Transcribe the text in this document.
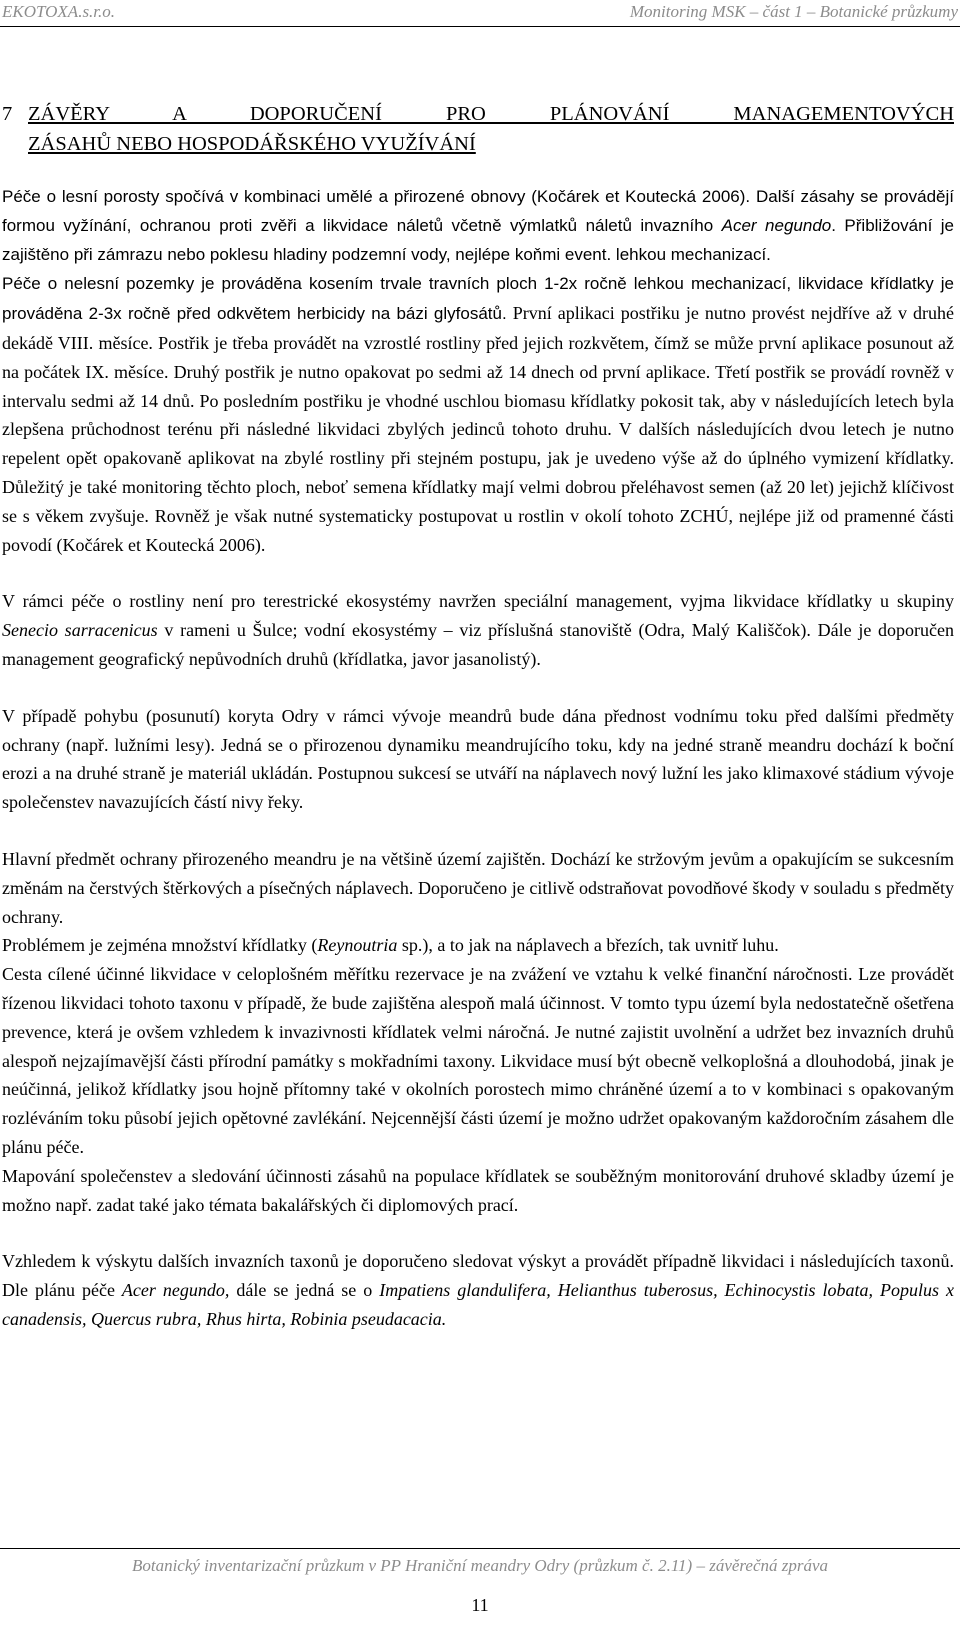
EKOTOXA.s.r.o.	Monitoring MSK – část 1 – Botanické průzkumy
7 ZÁVĚRY A DOPORUČENÍ PRO PLÁNOVÁNÍ MANAGEMENTOVÝCH
ZÁSAHŮ NEBO HOSPODÁŘSKÉHO VYUŽÍVÁNÍ

Péče o lesní porosty spočívá v kombinaci umělé a přirozené obnovy (Kočárek et Koutecká 2006). Další zásahy se provádějí formou vyžínání, ochranou proti zvěři a likvidace náletů včetně výmlatků náletů invazního Acer negundo. Přibližování je zajištěno při zámrazu nebo poklesu hladiny podzemní vody, nejlépe koňmi event. lehkou mechanizací.

Péče o nelesní pozemky je prováděna kosením trvale travních ploch 1-2x ročně lehkou mechanizací, likvidace křídlatky je prováděna 2-3x ročně před odkvětem herbicidy na bázi glyfosátů. První aplikaci postřiku je nutno provést nejdříve až v druhé dekádě VIII. měsíce. Postřik je třeba provádět na vzrostlé rostliny před jejich rozkvětem, čímž se může první aplikace posunout až na počátek IX. měsíce. Druhý postřik je nutno opakovat po sedmi až 14 dnech od první aplikace. Třetí postřik se provádí rovněž v intervalu sedmi až 14 dnů. Po posledním postřiku je vhodné uschlou biomasu křídlatky pokosit tak, aby v následujících letech byla zlepšena průchodnost terénu při následné likvidaci zbylých jedinců tohoto druhu. V dalších následujících dvou letech je nutno repelent opět opakovaně aplikovat na zbylé rostliny při stejném postupu, jak je uvedeno výše až do úplného vymizení křídlatky. Důležitý je také monitoring těchto ploch, neboť semena křídlatky mají velmi dobrou přeléhavost semen (až 20 let) jejichž klíčivost se s věkem zvyšuje. Rovněž je však nutné systematicky postupovat u rostlin v okolí tohoto ZCHÚ, nejlépe již od pramenné části povodí (Kočárek et Koutecká 2006).

V rámci péče o rostliny není pro terestrické ekosystémy navržen speciální management, vyjma likvidace křídlatky u skupiny Senecio sarracenicus v rameni u Šulce; vodní ekosystémy – viz příslušná stanoviště (Odra, Malý Kališčok). Dále je doporučen management geografický nepůvodních druhů (křídlatka, javor jasanolistý).

V případě pohybu (posunutí) koryta Odry v rámci vývoje meandrů bude dána přednost vodnímu toku před dalšími předměty ochrany (např. lužními lesy). Jedná se o přirozenou dynamiku meandrujícího toku, kdy na jedné straně meandru dochází k boční erozi a na druhé straně je materiál ukládán. Postupnou sukcesí se utváří na náplavech nový lužní les jako klimaxové stádium vývoje společenstev navazujících částí nivy řeky.

Hlavní předmět ochrany přirozeného meandru je na většině území zajištěn. Dochází ke stržovým jevům a opakujícím se sukcesním změnám na čerstvých štěrkových a písečných náplavech. Doporučeno je citlivě odstraňovat povodňové škody v souladu s předměty ochrany.

Problémem je zejména množství křídlatky (Reynoutria sp.), a to jak na náplavech a březích, tak uvnitř luhu.

Cesta cílené účinné likvidace v celoplošném měřítku rezervace je na zvážení ve vztahu k velké finanční náročnosti. Lze provádět řízenou likvidaci tohoto taxonu v případě, že bude zajištěna alespoň malá účinnost. V tomto typu území byla nedostatečně ošetřena prevence, která je ovšem vzhledem k invazivnosti křídlatek velmi náročná. Je nutné zajistit uvolnění a udržet bez invazních druhů alespoň nejzajímavější části přírodní památky s mokřadními taxony. Likvidace musí být obecně velkoplošná a dlouhodobá, jinak je neúčinná, jelikož křídlatky jsou hojně přítomny také v okolních porostech mimo chráněné území a to v kombinaci s opakovaným rozléváním toku působí jejich opětovné zavlékání. Nejcennější části území je možno udržet opakovaným každoročním zásahem dle plánu péče.

Mapování společenstev a sledování účinnosti zásahů na populace křídlatek se souběžným monitorování druhové skladby území je možno např. zadat také jako témata bakalářských či diplomových prací.

Vzhledem k výskytu dalších invazních taxonů je doporučeno sledovat výskyt a provádět případně likvidaci i následujících taxonů. Dle plánu péče Acer negundo, dále se jedná se o Impatiens glandulifera, Helianthus tuberosus, Echinocystis lobata, Populus x canadensis, Quercus rubra, Rhus hirta, Robinia pseudacacia.

Botanický inventarizační průzkum v PP Hraniční meandry Odry (průzkum č. 2.11) – závěrečná zpráva
11
